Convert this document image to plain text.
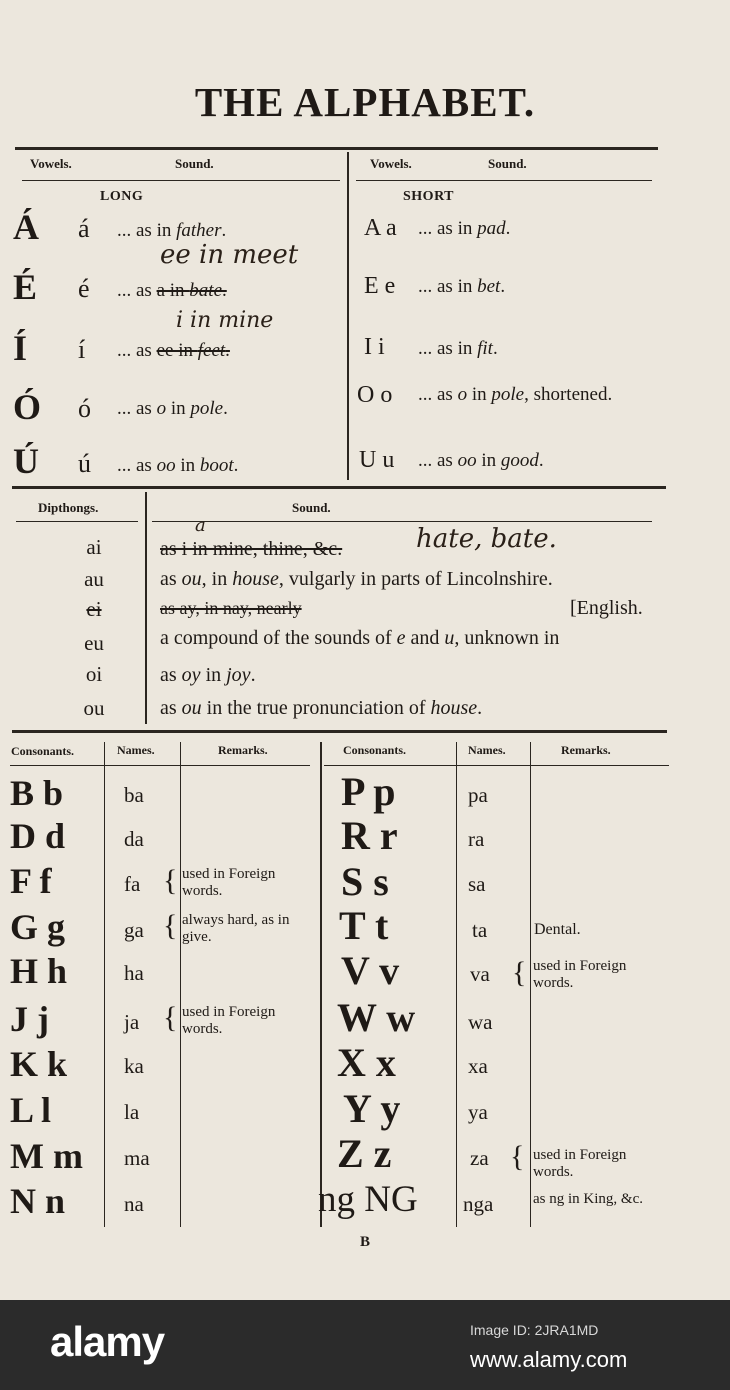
THE ALPHABET.
Vowels.	Sound.	Vowels.	Sound.
LONG	SHORT
Á á ... as in father.
É é ... as a in bate.
ee in meet
Í í ... as ee in feet.
i in mine
Ó ó ... as o in pole.
Ú ú ... as oo in boot.
A a ... as in pad.
E e ... as in bet.
I i ... as in fit.
O o ... as o in pole, shortened.
U u ... as oo in good.
Dipthongs.	Sound.
ai	as i in mine, thine, &c.	hate, bate.
a
au	as ou, in house, vulgarly in parts of Lincolnshire.
ei	as ay, in nay, nearly	[English.
eu	a compound of the sounds of e and u, unknown in
oi	as oy in joy.
ou	as ou in the true pronunciation of house.
Consonants.	Names.	Remarks.	Consonants.	Names.	Remarks.
B b	ba
D d	da
F f	fa { used in Foreign words.
G g	ga { always hard, as in give.
H h	ha
J j	ja { used in Foreign words.
K k	ka
L l	la
M m ma
N n	na
P p	pa
R r	ra
S s	sa
T t	ta	Dental.
V v	va { used in Foreign words.
W w	wa
X x	xa
Y y	ya
Z z	za { used in Foreign words.
ng NG nga	as ng in King, &c.
B
alamy	Image ID: 2JRA1MD
www.alamy.com
